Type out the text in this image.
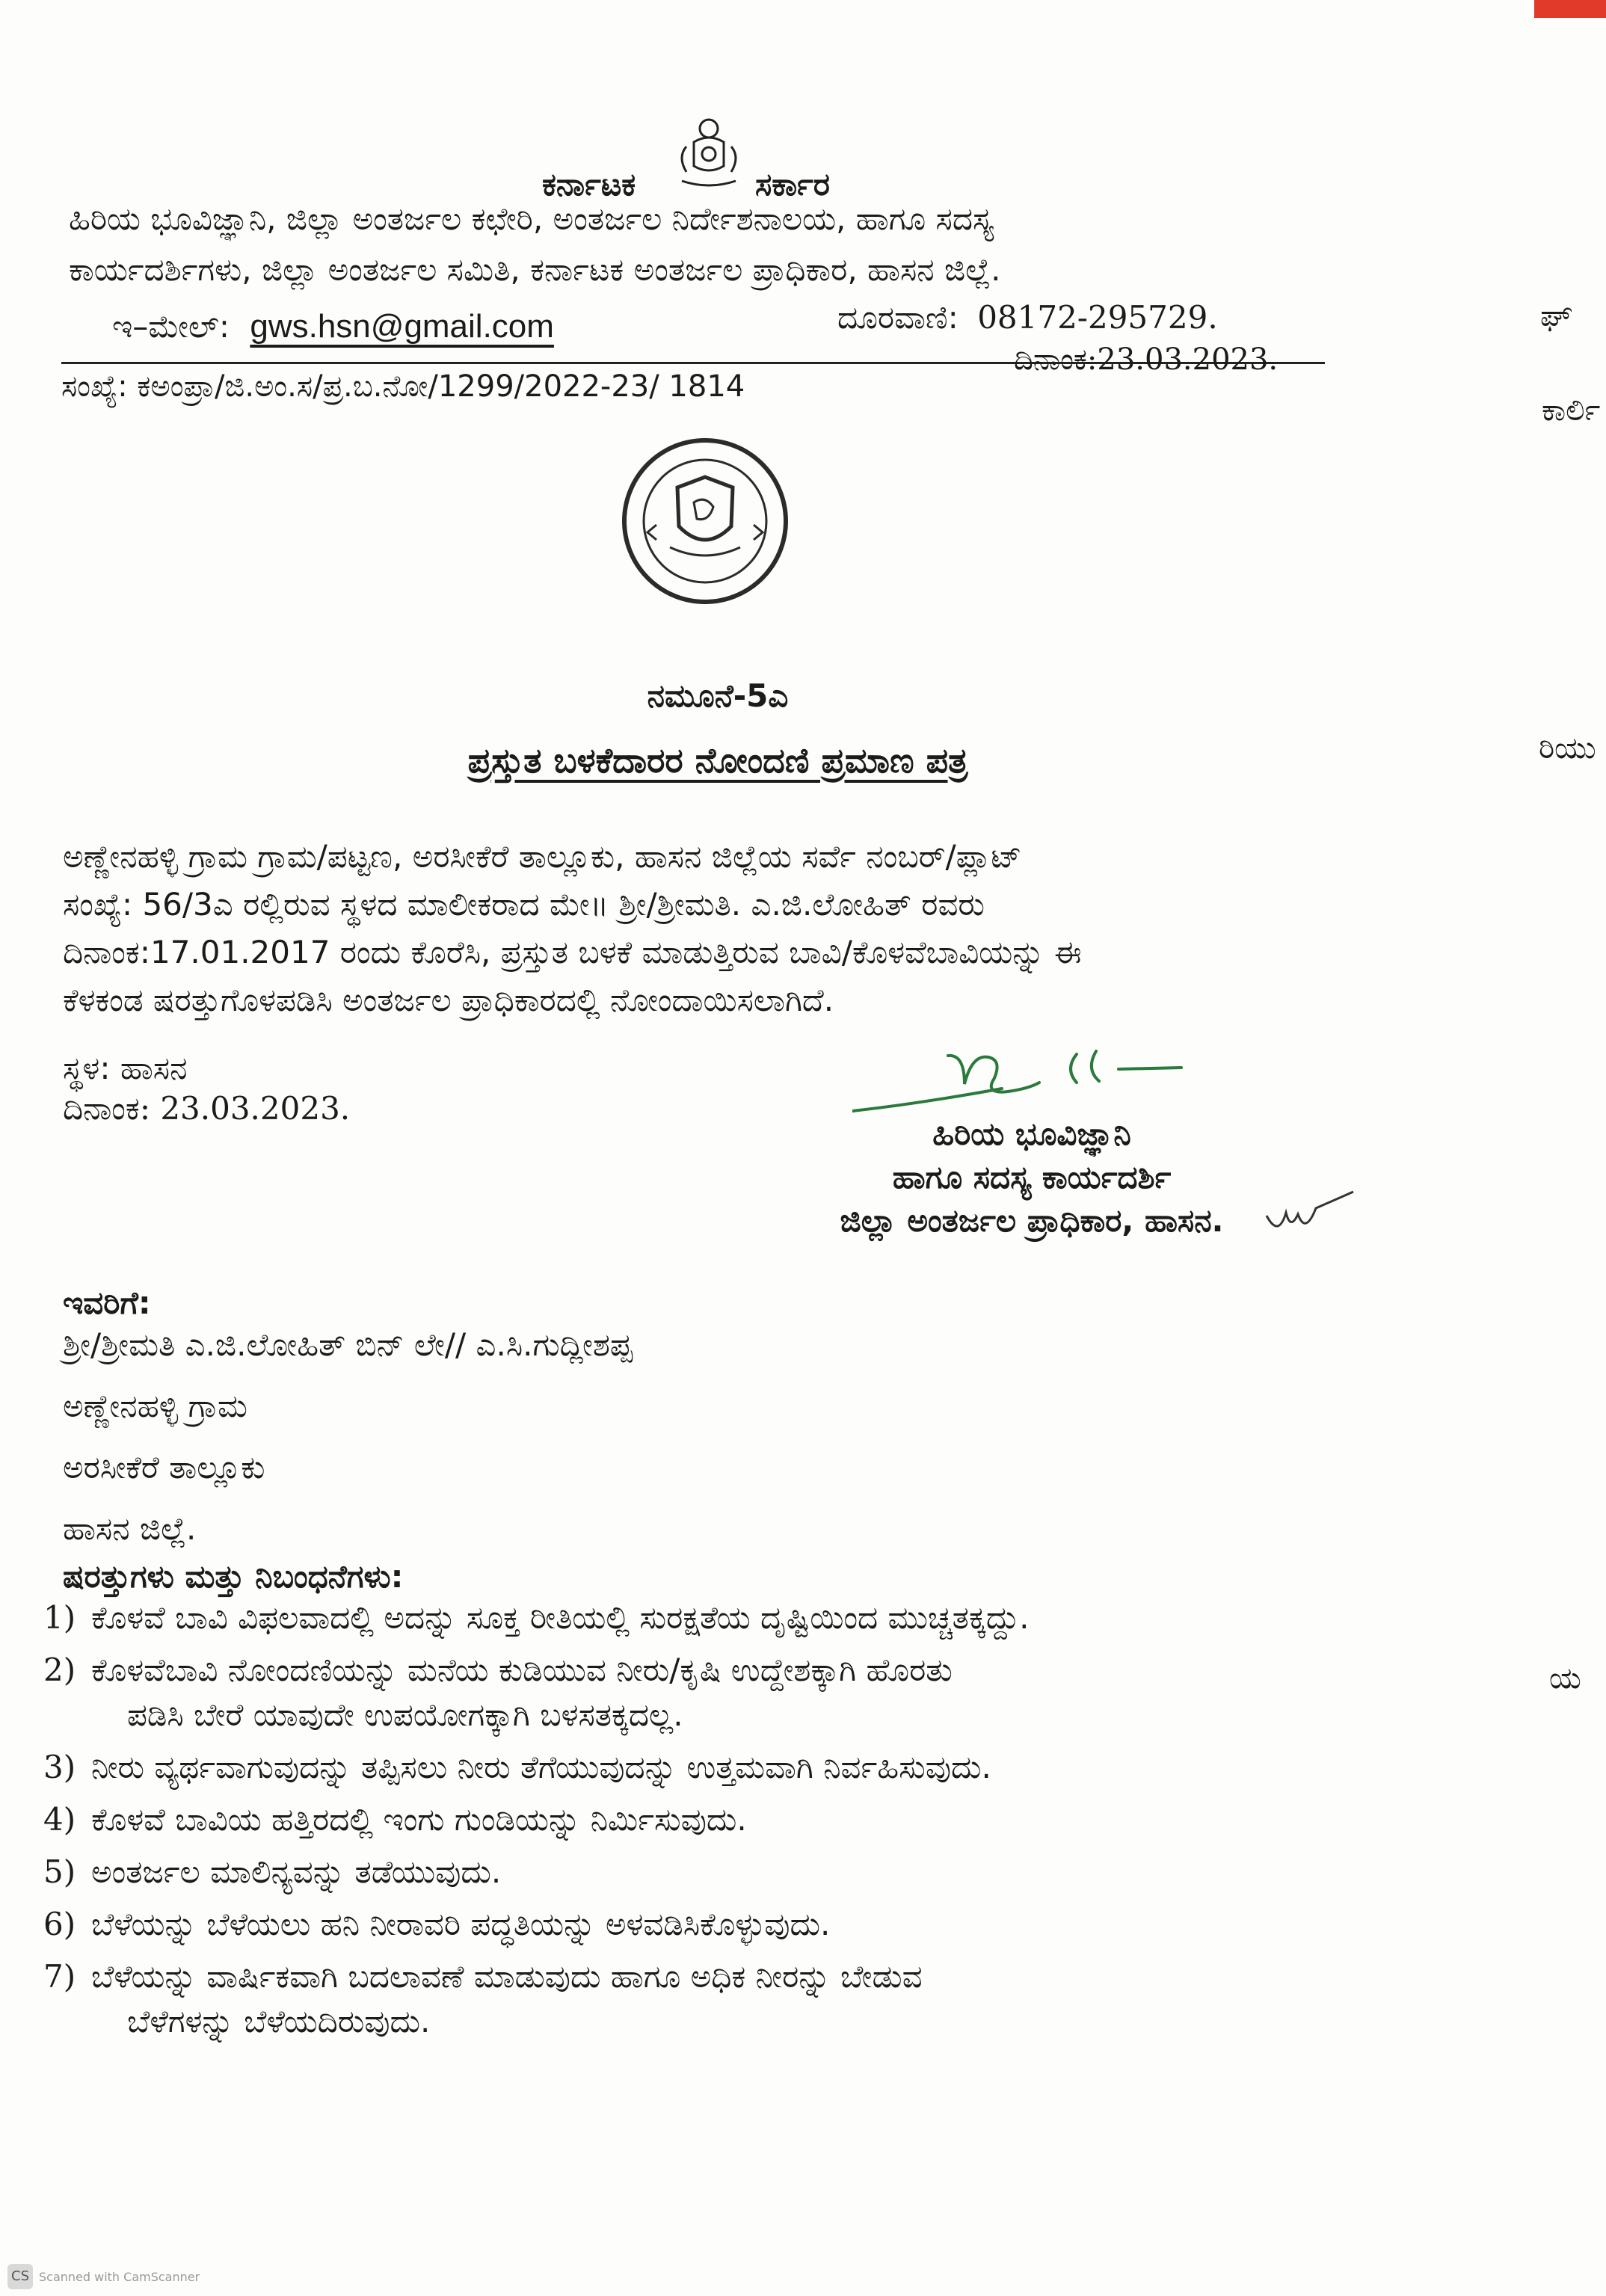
ಕರ್ನಾಟಕ	ಸರ್ಕಾರ
ಹಿರಿಯ ಭೂವಿಜ್ಞಾನಿ, ಜಿಲ್ಲಾ ಅಂತರ್ಜಲ ಕಛೇರಿ, ಅಂತರ್ಜಲ ನಿರ್ದೇಶನಾಲಯ, ಹಾಗೂ ಸದಸ್ಯ
ಕಾರ್ಯದರ್ಶಿಗಳು, ಜಿಲ್ಲಾ ಅಂತರ್ಜಲ ಸಮಿತಿ, ಕರ್ನಾಟಕ ಅಂತರ್ಜಲ ಪ್ರಾಧಿಕಾರ, ಹಾಸನ ಜಿಲ್ಲೆ.
ಇ–ಮೇಲ್: gws.hsn@gmail.com	ದೂರವಾಣಿ: 08172-295729.
ಸಂಖ್ಯೆ: ಕಅಂಪ್ರಾ/ಜಿ.ಅಂ.ಸ/ಪ್ರ.ಬ.ನೋ/1299/2022-23/ 1814
ದಿನಾಂಕ:23.03.2023.
ನಮೂನೆ-5ಎ
ಪ್ರಸ್ತುತ ಬಳಕೆದಾರರ ನೋಂದಣಿ ಪ್ರಮಾಣ ಪತ್ರ
ಅಣ್ಣೇನಹಳ್ಳಿ ಗ್ರಾಮ ಗ್ರಾಮ/ಪಟ್ಟಣ, ಅರಸೀಕೆರೆ ತಾಲ್ಲೂಕು, ಹಾಸನ ಜಿಲ್ಲೆಯ ಸರ್ವೆ ನಂಬರ್/ಪ್ಲಾಟ್
ಸಂಖ್ಯೆ: 56/3ಎ ರಲ್ಲಿರುವ ಸ್ಥಳದ ಮಾಲೀಕರಾದ ಮೇ॥ ಶ್ರೀ/ಶ್ರೀಮತಿ. ಎ.ಜಿ.ಲೋಹಿತ್ ರವರು
ದಿನಾಂಕ:17.01.2017 ರಂದು ಕೊರೆಸಿ, ಪ್ರಸ್ತುತ ಬಳಕೆ ಮಾಡುತ್ತಿರುವ ಬಾವಿ/ಕೊಳವೆಬಾವಿಯನ್ನು ಈ
ಕೆಳಕಂಡ ಷರತ್ತುಗೊಳಪಡಿಸಿ ಅಂತರ್ಜಲ ಪ್ರಾಧಿಕಾರದಲ್ಲಿ ನೋಂದಾಯಿಸಲಾಗಿದೆ.
ಸ್ಥಳ: ಹಾಸನ
ದಿನಾಂಕ: 23.03.2023.
ಹಿರಿಯ ಭೂವಿಜ್ಞಾನಿ
ಹಾಗೂ ಸದಸ್ಯ ಕಾರ್ಯದರ್ಶಿ
ಜಿಲ್ಲಾ ಅಂತರ್ಜಲ ಪ್ರಾಧಿಕಾರ, ಹಾಸನ.
ಇವರಿಗೆ:
ಶ್ರೀ/ಶ್ರೀಮತಿ ಎ.ಜಿ.ಲೋಹಿತ್ ಬಿನ್ ಲೇ// ಎ.ಸಿ.ಗುದ್ಲೀಶಪ್ಪ
ಅಣ್ಣೇನಹಳ್ಳಿ ಗ್ರಾಮ
ಅರಸೀಕೆರೆ ತಾಲ್ಲೂಕು
ಹಾಸನ ಜಿಲ್ಲೆ.
ಷರತ್ತುಗಳು ಮತ್ತು ನಿಬಂಧನೆಗಳು:
1) ಕೊಳವೆ ಬಾವಿ ವಿಫಲವಾದಲ್ಲಿ ಅದನ್ನು ಸೂಕ್ತ ರೀತಿಯಲ್ಲಿ ಸುರಕ್ಷತೆಯ ದೃಷ್ಟಿಯಿಂದ ಮುಚ್ಚತಕ್ಕದ್ದು.
2) ಕೊಳವೆಬಾವಿ ನೋಂದಣಿಯನ್ನು ಮನೆಯ ಕುಡಿಯುವ ನೀರು/ಕೃಷಿ ಉದ್ದೇಶಕ್ಕಾಗಿ ಹೊರತು
ಪಡಿಸಿ ಬೇರೆ ಯಾವುದೇ ಉಪಯೋಗಕ್ಕಾಗಿ ಬಳಸತಕ್ಕದಲ್ಲ.
3) ನೀರು ವ್ಯರ್ಥವಾಗುವುದನ್ನು ತಪ್ಪಿಸಲು ನೀರು ತೆಗೆಯುವುದನ್ನು ಉತ್ತಮವಾಗಿ ನಿರ್ವಹಿಸುವುದು.
4) ಕೊಳವೆ ಬಾವಿಯ ಹತ್ತಿರದಲ್ಲಿ ಇಂಗು ಗುಂಡಿಯನ್ನು ನಿರ್ಮಿಸುವುದು.
5) ಅಂತರ್ಜಲ ಮಾಲಿನ್ಯವನ್ನು ತಡೆಯುವುದು.
6) ಬೆಳೆಯನ್ನು ಬೆಳೆಯಲು ಹನಿ ನೀರಾವರಿ ಪದ್ಧತಿಯನ್ನು ಅಳವಡಿಸಿಕೊಳ್ಳುವುದು.
7) ಬೆಳೆಯನ್ನು ವಾರ್ಷಿಕವಾಗಿ ಬದಲಾವಣೆ ಮಾಡುವುದು ಹಾಗೂ ಅಧಿಕ ನೀರನ್ನು ಬೇಡುವ
ಬೆಳೆಗಳನ್ನು ಬೆಳೆಯದಿರುವುದು.
ಘ್
ಕಾರ್ಲಿ
ರಿಯು
ಯ
CS Scanned with CamScanner
